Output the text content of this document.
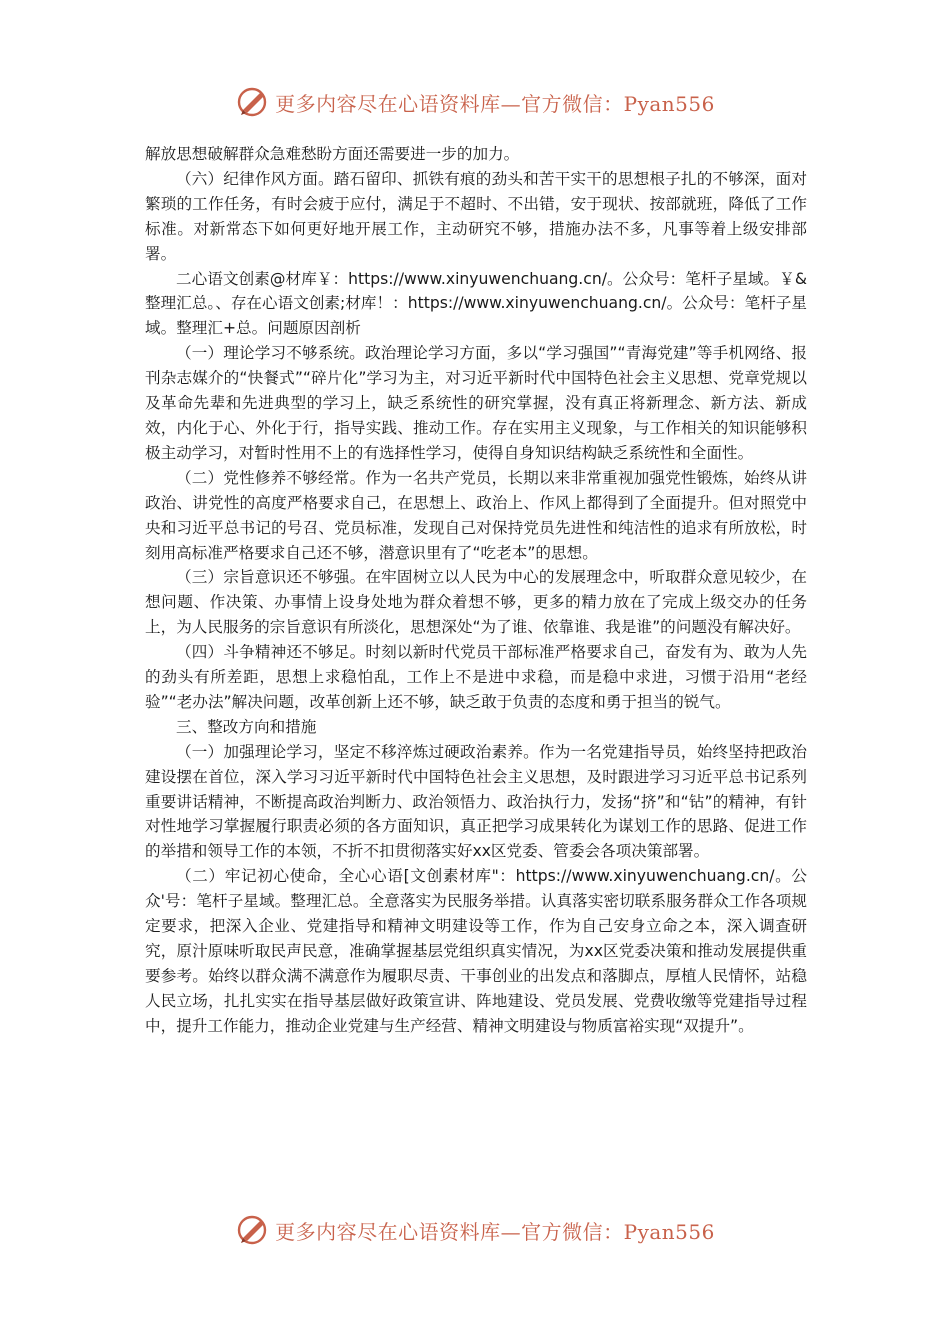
更多内容尽在心语资料库—官方微信：Pyan556

解放思想破解群众急难愁盼方面还需要进一步的加力。

（六）纪律作风方面。踏石留印、抓铁有痕的劲头和苦干实干的思想根子扎的不够深，面对繁琐的工作任务，有时会疲于应付，满足于不超时、不出错，安于现状、按部就班，降低了工作标准。对新常态下如何更好地开展工作，主动研究不够，措施办法不多，凡事等着上级安排部署。

二心语文创素@材库￥：https://www.xinyuwenchuang.cn/。公众号：笔杆子星域。￥&整理汇总。、存在心语文创素;材库！：https://www.xinyuwenchuang.cn/。公众号：笔杆子星域。整理汇+总。问题原因剖析

（一）理论学习不够系统。政治理论学习方面，多以“学习强国”“青海党建”等手机网络、报刊杂志媒介的“快餐式”“碎片化”学习为主，对习近平新时代中国特色社会主义思想、党章党规以及革命先辈和先进典型的学习上，缺乏系统性的研究掌握，没有真正将新理念、新方法、新成效，内化于心、外化于行，指导实践、推动工作。存在实用主义现象，与工作相关的知识能够积极主动学习，对暂时性用不上的有选择性学习，使得自身知识结构缺乏系统性和全面性。

（二）党性修养不够经常。作为一名共产党员，长期以来非常重视加强党性锻炼，始终从讲政治、讲党性的高度严格要求自己，在思想上、政治上、作风上都得到了全面提升。但对照党中央和习近平总书记的号召、党员标准，发现自己对保持党员先进性和纯洁性的追求有所放松，时刻用高标准严格要求自己还不够，潜意识里有了“吃老本”的思想。

（三）宗旨意识还不够强。在牢固树立以人民为中心的发展理念中，听取群众意见较少，在想问题、作决策、办事情上设身处地为群众着想不够，更多的精力放在了完成上级交办的任务上，为人民服务的宗旨意识有所淡化，思想深处“为了谁、依靠谁、我是谁”的问题没有解决好。

（四）斗争精神还不够足。时刻以新时代党员干部标准严格要求自己，奋发有为、敢为人先的劲头有所差距，思想上求稳怕乱，工作上不是进中求稳，而是稳中求进，习惯于沿用“老经验”“老办法”解决问题，改革创新上还不够，缺乏敢于负责的态度和勇于担当的锐气。

三、整改方向和措施

（一）加强理论学习，坚定不移淬炼过硬政治素养。作为一名党建指导员，始终坚持把政治建设摆在首位，深入学习习近平新时代中国特色社会主义思想，及时跟进学习习近平总书记系列重要讲话精神，不断提高政治判断力、政治领悟力、政治执行力，发扬“挤”和“钻”的精神，有针对性地学习掌握履行职责必须的各方面知识，真正把学习成果转化为谋划工作的思路、促进工作的举措和领导工作的本领，不折不扣贯彻落实好xx区党委、管委会各项决策部署。

（二）牢记初心使命，全心心语[文创素材库"：https://www.xinyuwenchuang.cn/。公众'号：笔杆子星域。整理汇总。全意落实为民服务举措。认真落实密切联系服务群众工作各项规定要求，把深入企业、党建指导和精神文明建设等工作，作为自己安身立命之本，深入调查研究，原汁原味听取民声民意，准确掌握基层党组织真实情况，为xx区党委决策和推动发展提供重要参考。始终以群众满不满意作为履职尽责、干事创业的出发点和落脚点，厚植人民情怀，站稳人民立场，扎扎实实在指导基层做好政策宣讲、阵地建设、党员发展、党费收缴等党建指导过程中，提升工作能力，推动企业党建与生产经营、精神文明建设与物质富裕实现“双提升”。

更多内容尽在心语资料库—官方微信：Pyan556
